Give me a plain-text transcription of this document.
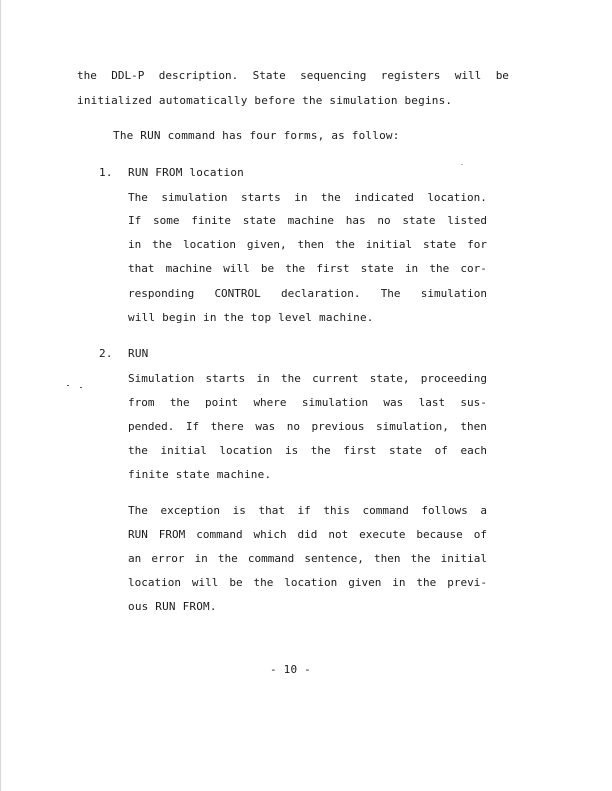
the DDL-P description. State sequencing registers will be
initialized automatically before the simulation begins.
The RUN command has four forms, as follow:
1. RUN FROM location
The simulation starts in the indicated location.
If some finite state machine has no state listed
in the location given, then the initial state for
that machine will be the first state in the cor-
responding CONTROL declaration. The simulation
will begin in the top level machine.
2. RUN
Simulation starts in the current state, proceeding
from the point where simulation was last sus-
pended. If there was no previous simulation, then
the initial location is the first state of each
finite state machine.
The exception is that if this command follows a
RUN FROM command which did not execute because of
an error in the command sentence, then the initial
location will be the location given in the previ-
ous RUN FROM.
- 10 -
